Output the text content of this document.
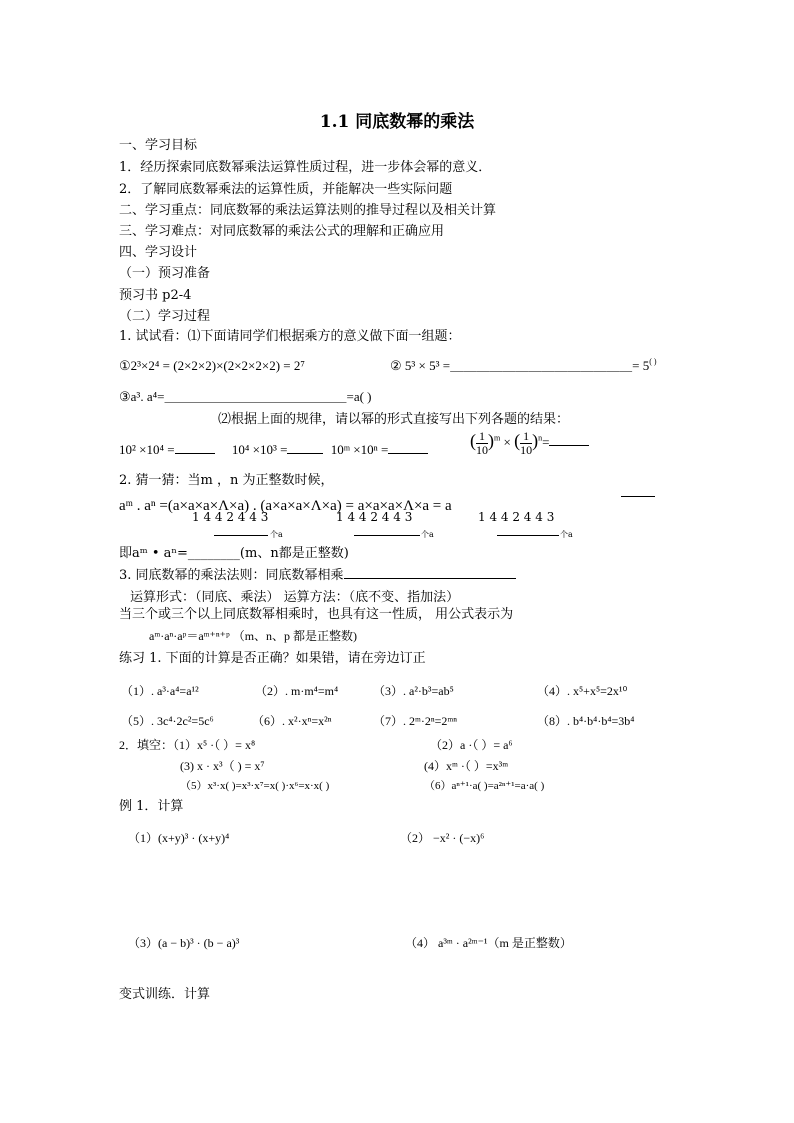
1.1 同底数幂的乘法
一、学习目标
1．经历探索同底数幂乘法运算性质过程，进一步体会幂的意义．
2．了解同底数幂乘法的运算性质，并能解决一些实际问题
二、学习重点：同底数幂的乘法运算法则的推导过程以及相关计算
三、学习难点：对同底数幂的乘法公式的理解和正确应用
四、学习设计
（一）预习准备
预习书 p2-4
（二）学习过程
1. 试试看：⑴下面请同学们根据乘方的意义做下面一组题：
①2³×2⁴ = (2×2×2)×(2×2×2×2) = 2⁷	② 5³ × 5³ =＿＿＿＿＿＿＿＿＿＿＿＿＿＿= 5( )
③a³. a⁴=＿＿＿＿＿＿＿＿＿＿＿＿＿＿=a( )
⑵根据上面的规律，请以幂的形式直接写出下列各题的结果：
10² ×10⁴ =	10⁴ ×10³ =	10ᵐ ×10ⁿ =	( $\frac{1}{10} )^m$ × ( $\frac{1}{10} )^n=$
2. 猜一猜：当m ，n 为正整数时候，
aᵐ . aⁿ =(a×a×a×Λ×a) . (a×a×a×Λ×a) = a×a×a×Λ×a = a
1 4 4 2 4 4 3	1 4 4 2 4 4 3	1 4 4 2 4 4 3
个a	个a	个a
即aᵐ • aⁿ=________(m、n都是正整数)
3. 同底数幂的乘法法则：同底数幂相乘
运算形式：（同底、乘法） 运算方法：（底不变、指加法）
当三个或三个以上同底数幂相乘时，也具有这一性质， 用公式表示为
aᵐ·aⁿ·aᵖ＝aᵐ⁺ⁿ⁺ᵖ （m、n、p 都是正整数)
练习 1. 下面的计算是否正确？如果错，请在旁边订正
（1）. a³·a⁴=a¹²	（2）. m·m⁴=m⁴	（3）. a²·b³=ab⁵	（4）. x⁵+x⁵=2x¹⁰
（5）. 3c⁴·2c²=5c⁶	（6）. x²·xⁿ=x²ⁿ	（7）. 2ᵐ·2ⁿ=2ᵐⁿ	（8）. b⁴·b⁴·b⁴=3b⁴
2．填空：（1）x⁵ ·（ ）= x⁸	（2）a ·（ ）= a⁶
(3) x · x³（ ) = x⁷	(4）xᵐ ·（ ）=x³ᵐ
（5）x³·x( )=x³·x⁷=x( )·x⁶=x·x( )	（6）aⁿ⁺¹·a( )=a²ⁿ⁺¹=a·a( )
例 1．计算
（1）(x+y)³ · (x+y)⁴	（2） −x² · (−x)⁶
（3）(a − b)³ · (b − a)³	（4） a³ᵐ · a²ᵐ⁻¹（m 是正整数）
变式训练．计算
